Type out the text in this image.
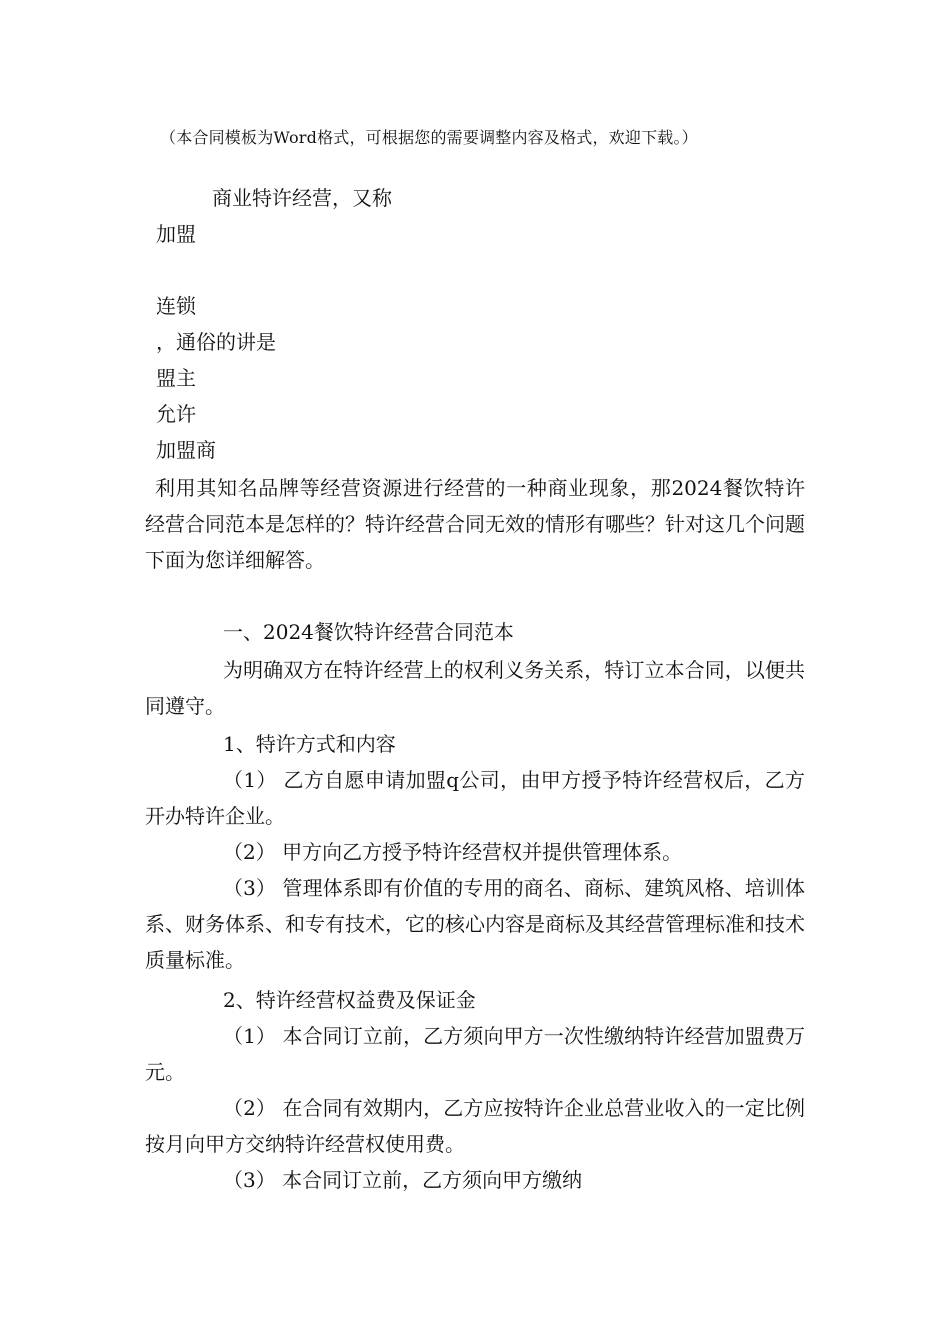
（本合同模板为Word格式，可根据您的需要调整内容及格式，欢迎下载。）
商业特许经营，又称
加盟
连锁
，通俗的讲是
盟主
允许
加盟商
利用其知名品牌等经营资源进行经营的一种商业现象，那2024餐饮特许经营合同范本是怎样的？特许经营合同无效的情形有哪些？针对这几个问题下面为您详细解答。
一、2024餐饮特许经营合同范本
为明确双方在特许经营上的权利义务关系，特订立本合同，以便共同遵守。
1、特许方式和内容
（1） 乙方自愿申请加盟q公司，由甲方授予特许经营权后，乙方开办特许企业。
（2） 甲方向乙方授予特许经营权并提供管理体系。
（3） 管理体系即有价值的专用的商名、商标、建筑风格、培训体系、财务体系、和专有技术，它的核心内容是商标及其经营管理标准和技术质量标准。
2、特许经营权益费及保证金
（1） 本合同订立前，乙方须向甲方一次性缴纳特许经营加盟费万元。
（2） 在合同有效期内，乙方应按特许企业总营业收入的一定比例按月向甲方交纳特许经营权使用费。
（3） 本合同订立前，乙方须向甲方缴纳
